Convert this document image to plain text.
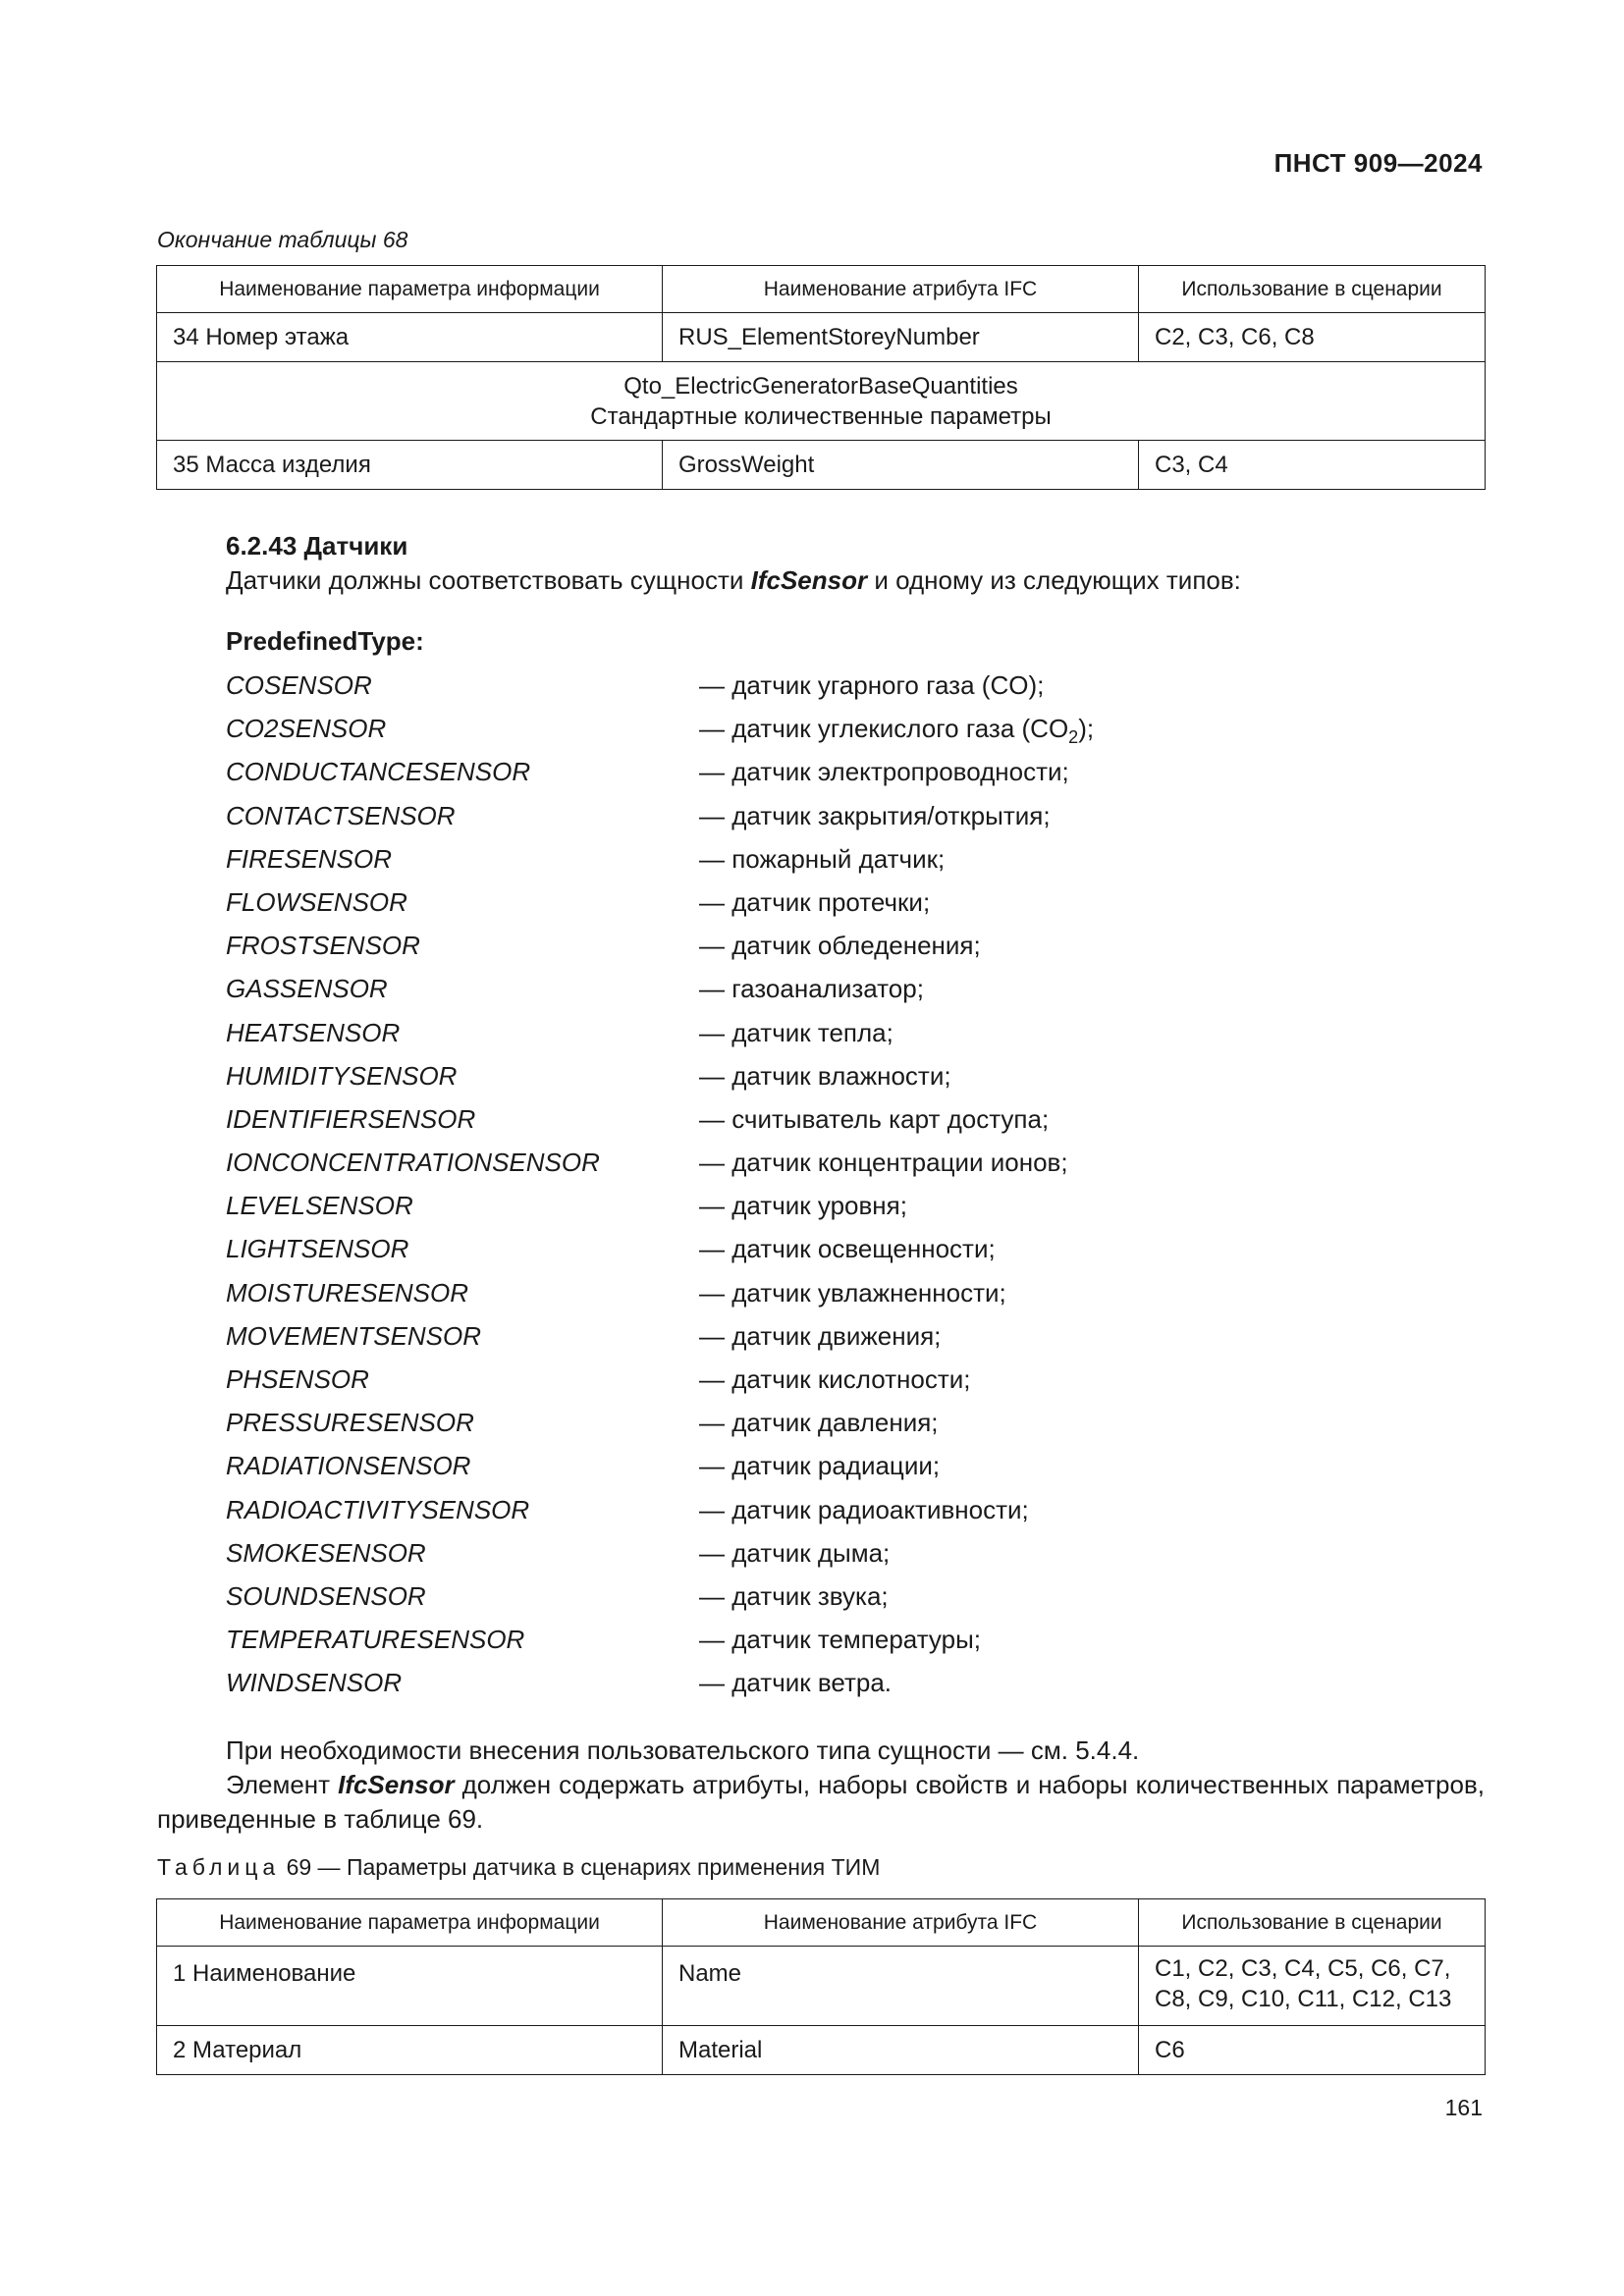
ПНСТ 909—2024
Окончание таблицы 68
Наименование параметра информации	Наименование атрибута IFC	Использование в сценарии
34 Номер этажа	RUS_ElementStoreyNumber	С2, С3, С6, С8

Qto_ElectricGeneratorBaseQuantities
Стандартные количественные параметры		

35 Масса изделия	GrossWeight	С3, С4
6.2.43 Датчики
Датчики должны соответствовать сущности IfcSensor и одному из следующих типов:
PredefinedType:
COSENSOR	— датчик угарного газа (CO);
CO2SENSOR	— датчик углекислого газа $(CO_2)$;
CONDUCTANCESENSOR	— датчик электропроводности;
CONTACTSENSOR	— датчик закрытия/открытия;
FIRESENSOR	— пожарный датчик;
FLOWSENSOR	— датчик протечки;
FROSTSENSOR	— датчик обледенения;
GASSENSOR	— газоанализатор;
HEATSENSOR	— датчик тепла;
HUMIDITYSENSOR	— датчик влажности;
IDENTIFIERSENSOR	— считыватель карт доступа;
IONCONCENTRATIONSENSOR	— датчик концентрации ионов;
LEVELSENSOR	— датчик уровня;
LIGHTSENSOR	— датчик освещенности;
MOISTURESENSOR	— датчик увлажненности;
MOVEMENTSENSOR	— датчик движения;
PHSENSOR	— датчик кислотности;
PRESSURESENSOR	— датчик давления;
RADIATIONSENSOR	— датчик радиации;
RADIOACTIVITYSENSOR	— датчик радиоактивности;
SMOKESENSOR	— датчик дыма;
SOUNDSENSOR	— датчик звука;
TEMPERATURESENSOR	— датчик температуры;
WINDSENSOR	— датчик ветра.
При необходимости внесения пользовательского типа сущности — см. 5.4.4.
Элемент IfcSensor должен содержать атрибуты, наборы свойств и наборы количественных параметров, приведенные в таблице 69.
Таблица 69 — Параметры датчика в сценариях применения ТИМ
Наименование параметра информации	Наименование атрибута IFC	Использование в сценарии
1 Наименование	Name	С1, С2, С3, С4, С5, С6, С7, С8, С9, С10, С11, С12, С13
2 Материал	Material	С6
161
